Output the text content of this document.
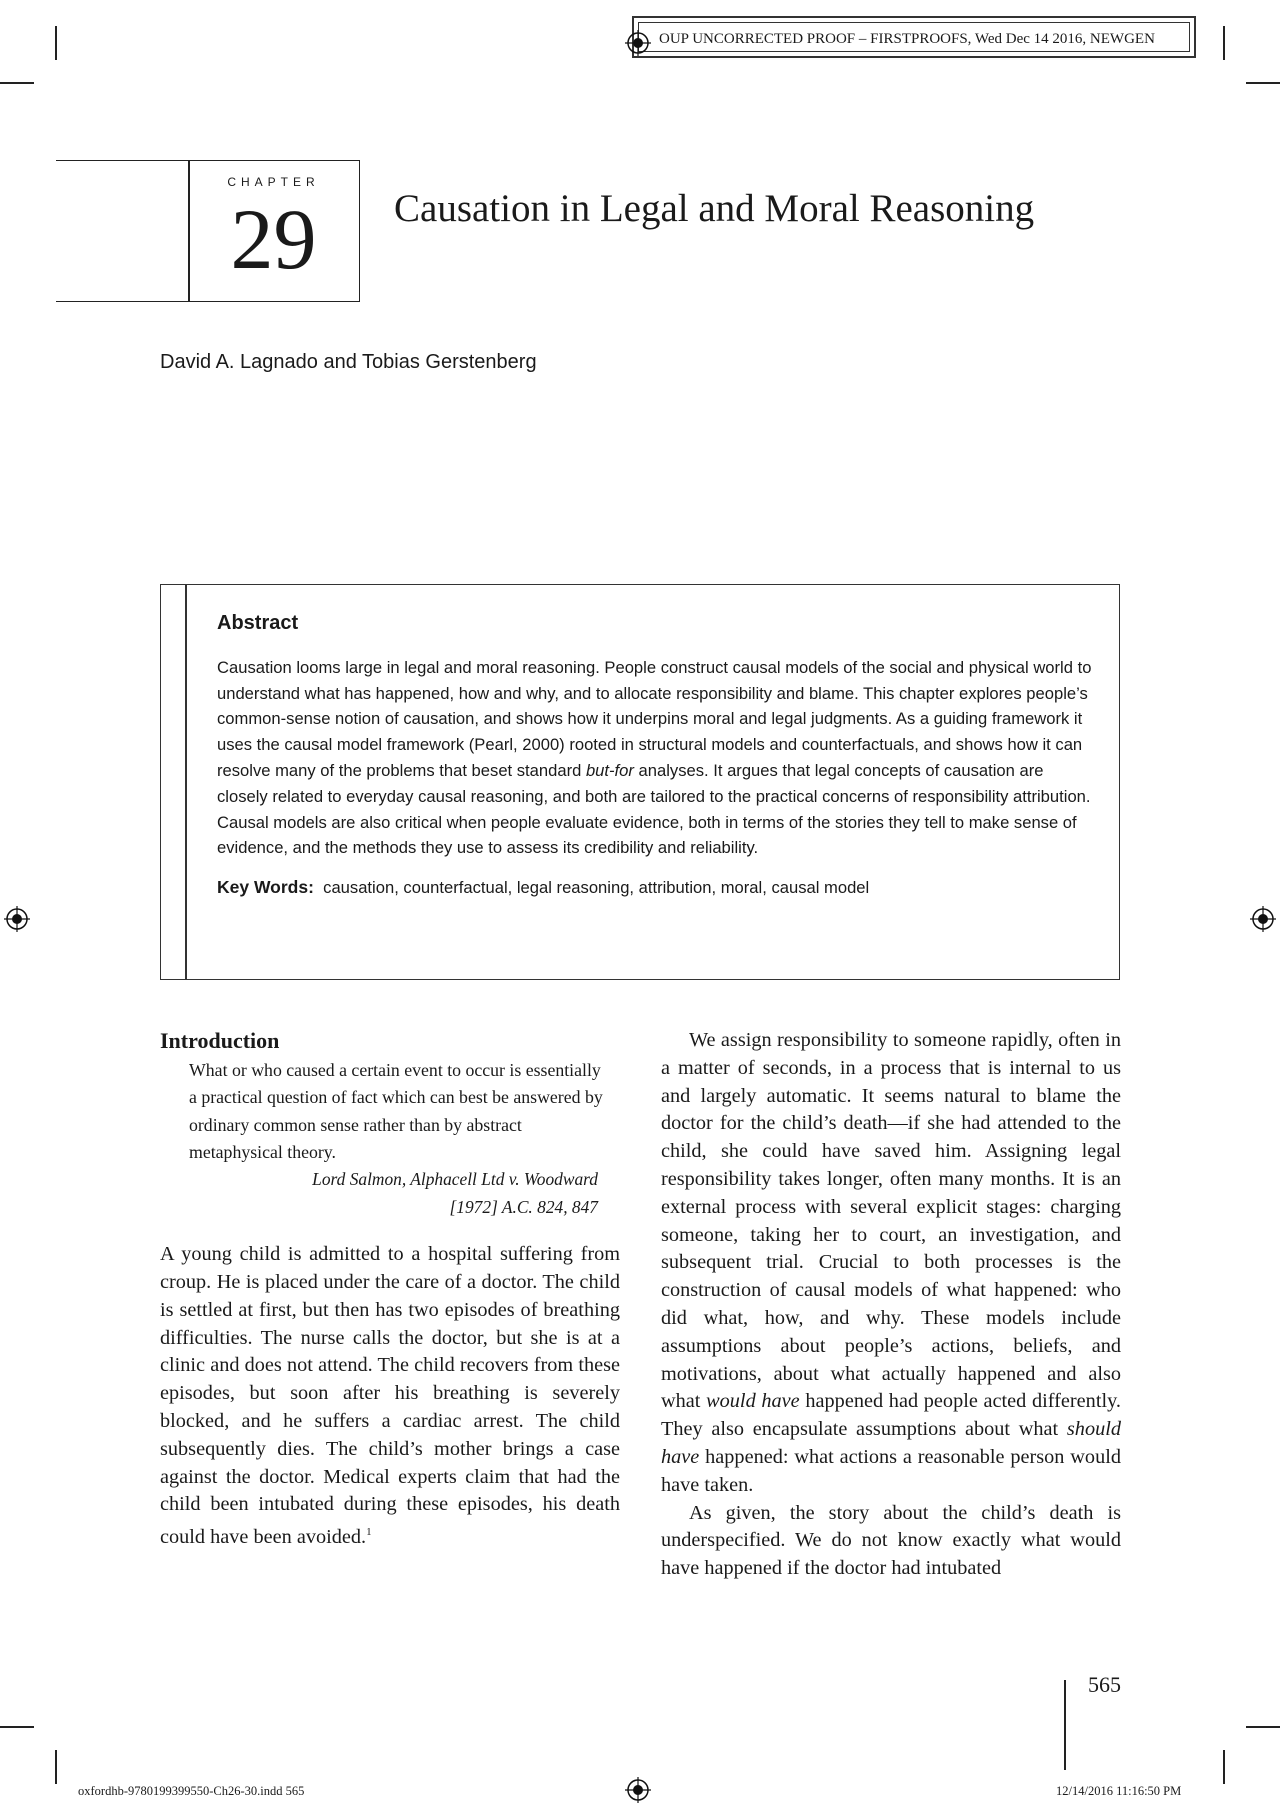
OUP UNCORRECTED PROOF – FIRSTPROOFS, Wed Dec 14 2016, NEWGEN
CHAPTER
29	Causation in Legal and Moral Reasoning
David A. Lagnado and Tobias Gerstenberg
Abstract

Causation looms large in legal and moral reasoning. People construct causal models of the social and physical world to understand what has happened, how and why, and to allocate responsibility and blame. This chapter explores people’s common-sense notion of causation, and shows how it underpins moral and legal judgments. As a guiding framework it uses the causal model framework (Pearl, 2000) rooted in structural models and counterfactuals, and shows how it can resolve many of the problems that beset standard but-for analyses. It argues that legal concepts of causation are closely related to everyday causal reasoning, and both are tailored to the practical concerns of responsibility attribution. Causal models are also critical when people evaluate evidence, both in terms of the stories they tell to make sense of evidence, and the methods they use to assess its credibility and reliability.

Key Words: causation, counterfactual, legal reasoning, attribution, moral, causal model
Introduction
What or who caused a certain event to occur is essentially a practical question of fact which can best be answered by ordinary common sense rather than by abstract metaphysical theory.
Lord Salmon, Alphacell Ltd v. Woodward
[1972] A.C. 824, 847

A young child is admitted to a hospital suffering from croup. He is placed under the care of a doctor. The child is settled at first, but then has two episodes of breathing difficulties. The nurse calls the doctor, but she is at a clinic and does not attend. The child recovers from these episodes, but soon after his breathing is severely blocked, and he suffers a cardiac arrest. The child subsequently dies. The child’s mother brings a case against the doctor. Medical experts claim that had the child been intubated during these episodes, his death could have been avoided.$^1$

We assign responsibility to someone rapidly, often in a matter of seconds, in a process that is internal to us and largely automatic. It seems natural to blame the doctor for the child’s death—if she had attended to the child, she could have saved him. Assigning legal responsibility takes longer, often many months. It is an external process with several explicit stages: charging someone, taking her to court, an investigation, and subsequent trial. Crucial to both processes is the construction of causal models of what happened: who did what, how, and why. These models include assumptions about people’s actions, beliefs, and motivations, about what actually happened and also what would have happened had people acted differently. They also encapsulate assumptions about what should have happened: what actions a reasonable person would have taken.

As given, the story about the child’s death is underspecified. We do not know exactly what would have happened if the doctor had intubated

565
oxfordhb-9780199399550-Ch26-30.indd 565	12/14/2016 11:16:50 PM
